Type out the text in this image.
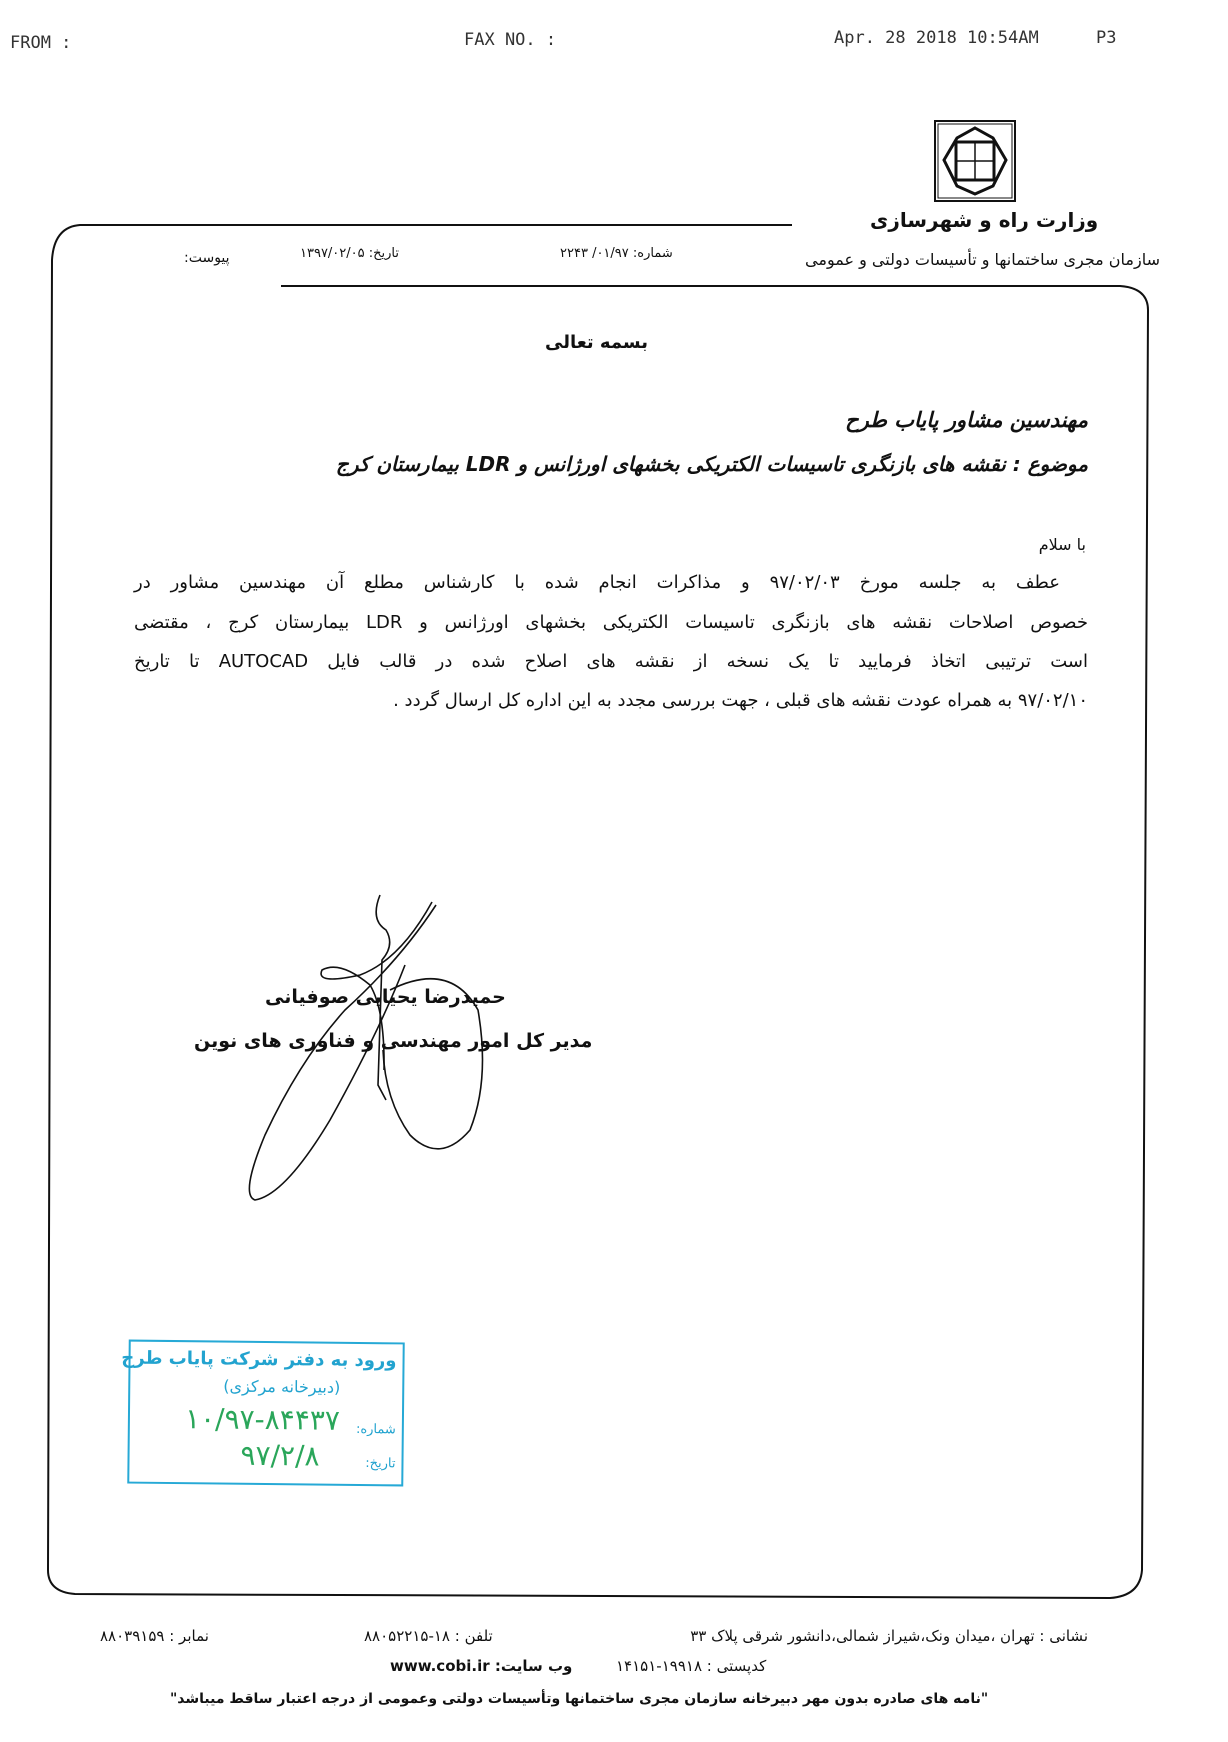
FROM :	FAX NO. :	Apr. 28 2018 10:54AM	P3
وزارت راه و شهرسازی
سازمان مجری ساختمانها و تأسیسات دولتی و عمومی
شماره: ۰۱/۹۷/ ۲۲۴۳
تاریخ: ۱۳۹۷/۰۲/۰۵
پیوست:
بسمه تعالی
مهندسین مشاور پایاب طرح
موضوع : نقشه های بازنگری تاسیسات الکتریکی بخشهای اورژانس و LDR بیمارستان کرج
با سلام
عطف به جلسه مورخ ۹۷/۰۲/۰۳ و مذاکرات انجام شده با کارشناس مطلع آن مهندسین مشاور در
خصوص اصلاحات نقشه های بازنگری تاسیسات الکتریکی بخشهای اورژانس و LDR بیمارستان کرج ، مقتضی
است ترتیبی اتخاذ فرمایید تا یک نسخه از نقشه های اصلاح شده در قالب فایل AUTOCAD تا تاریخ
۹۷/۰۲/۱۰ به همراه عودت نقشه های قبلی ، جهت بررسی مجدد به این اداره کل ارسال گردد .
حمیدرضا یحیایی صوفیانی
مدیر کل امور مهندسی و فناوری های نوین
ورود به دفتر شرکت پایاب طرح
(دبیرخانه مرکزی)
شماره:
۱۰/۹۷-۸۴۴۳۷
تاریخ:
۹۷/۲/۸
نشانی : تهران ،میدان ونک،شیراز شمالی،دانشور شرقی پلاک ۳۳
تلفن : ۱۸-۸۸۰۵۲۲۱۵
نمابر : ۸۸۰۳۹۱۵۹
کدپستی : ۱۹۹۱۸-۱۴۱۵۱
وب سایت: www.cobi.ir
"نامه های صادره بدون مهر دبیرخانه سازمان مجری ساختمانها وتأسیسات دولتی وعمومی از درجه اعتبار ساقط میباشد"
